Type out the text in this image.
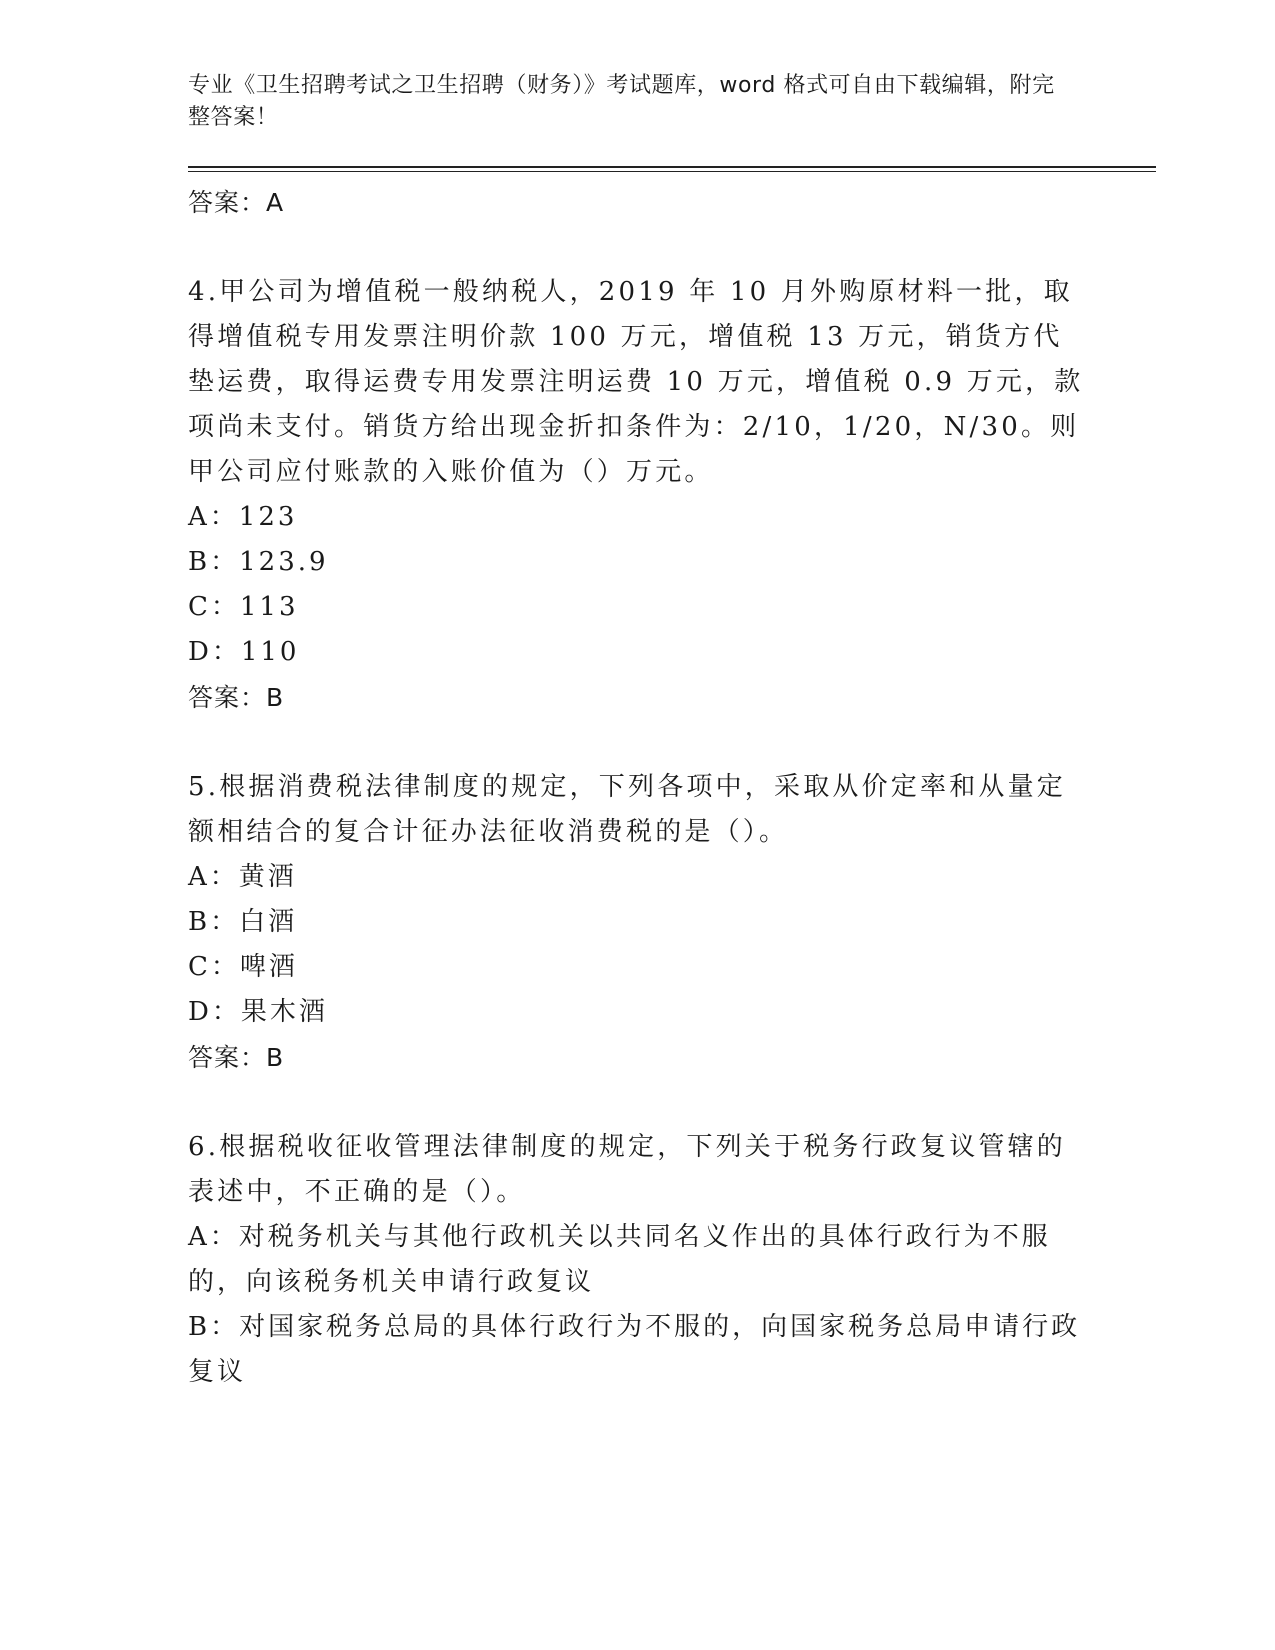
专业《卫生招聘考试之卫生招聘（财务）》考试题库，word 格式可自由下载编辑，附完整答案！

答案：A

4.甲公司为增值税一般纳税人，2019 年 10 月外购原材料一批，取得增值税专用发票注明价款 100 万元，增值税 13 万元，销货方代垫运费，取得运费专用发票注明运费 10 万元，增值税 0.9 万元，款项尚未支付。销货方给出现金折扣条件为：2/10，1/20，N/30。则甲公司应付账款的入账价值为（）万元。

A：123

B：123.9

C：113

D：110

答案：B

5.根据消费税法律制度的规定，下列各项中，采取从价定率和从量定额相结合的复合计征办法征收消费税的是（）。

A：黄酒

B：白酒

C：啤酒

D：果木酒

答案：B

6.根据税收征收管理法律制度的规定，下列关于税务行政复议管辖的表述中，不正确的是（）。

A：对税务机关与其他行政机关以共同名义作出的具体行政行为不服的，向该税务机关申请行政复议

B：对国家税务总局的具体行政行为不服的，向国家税务总局申请行政复议
